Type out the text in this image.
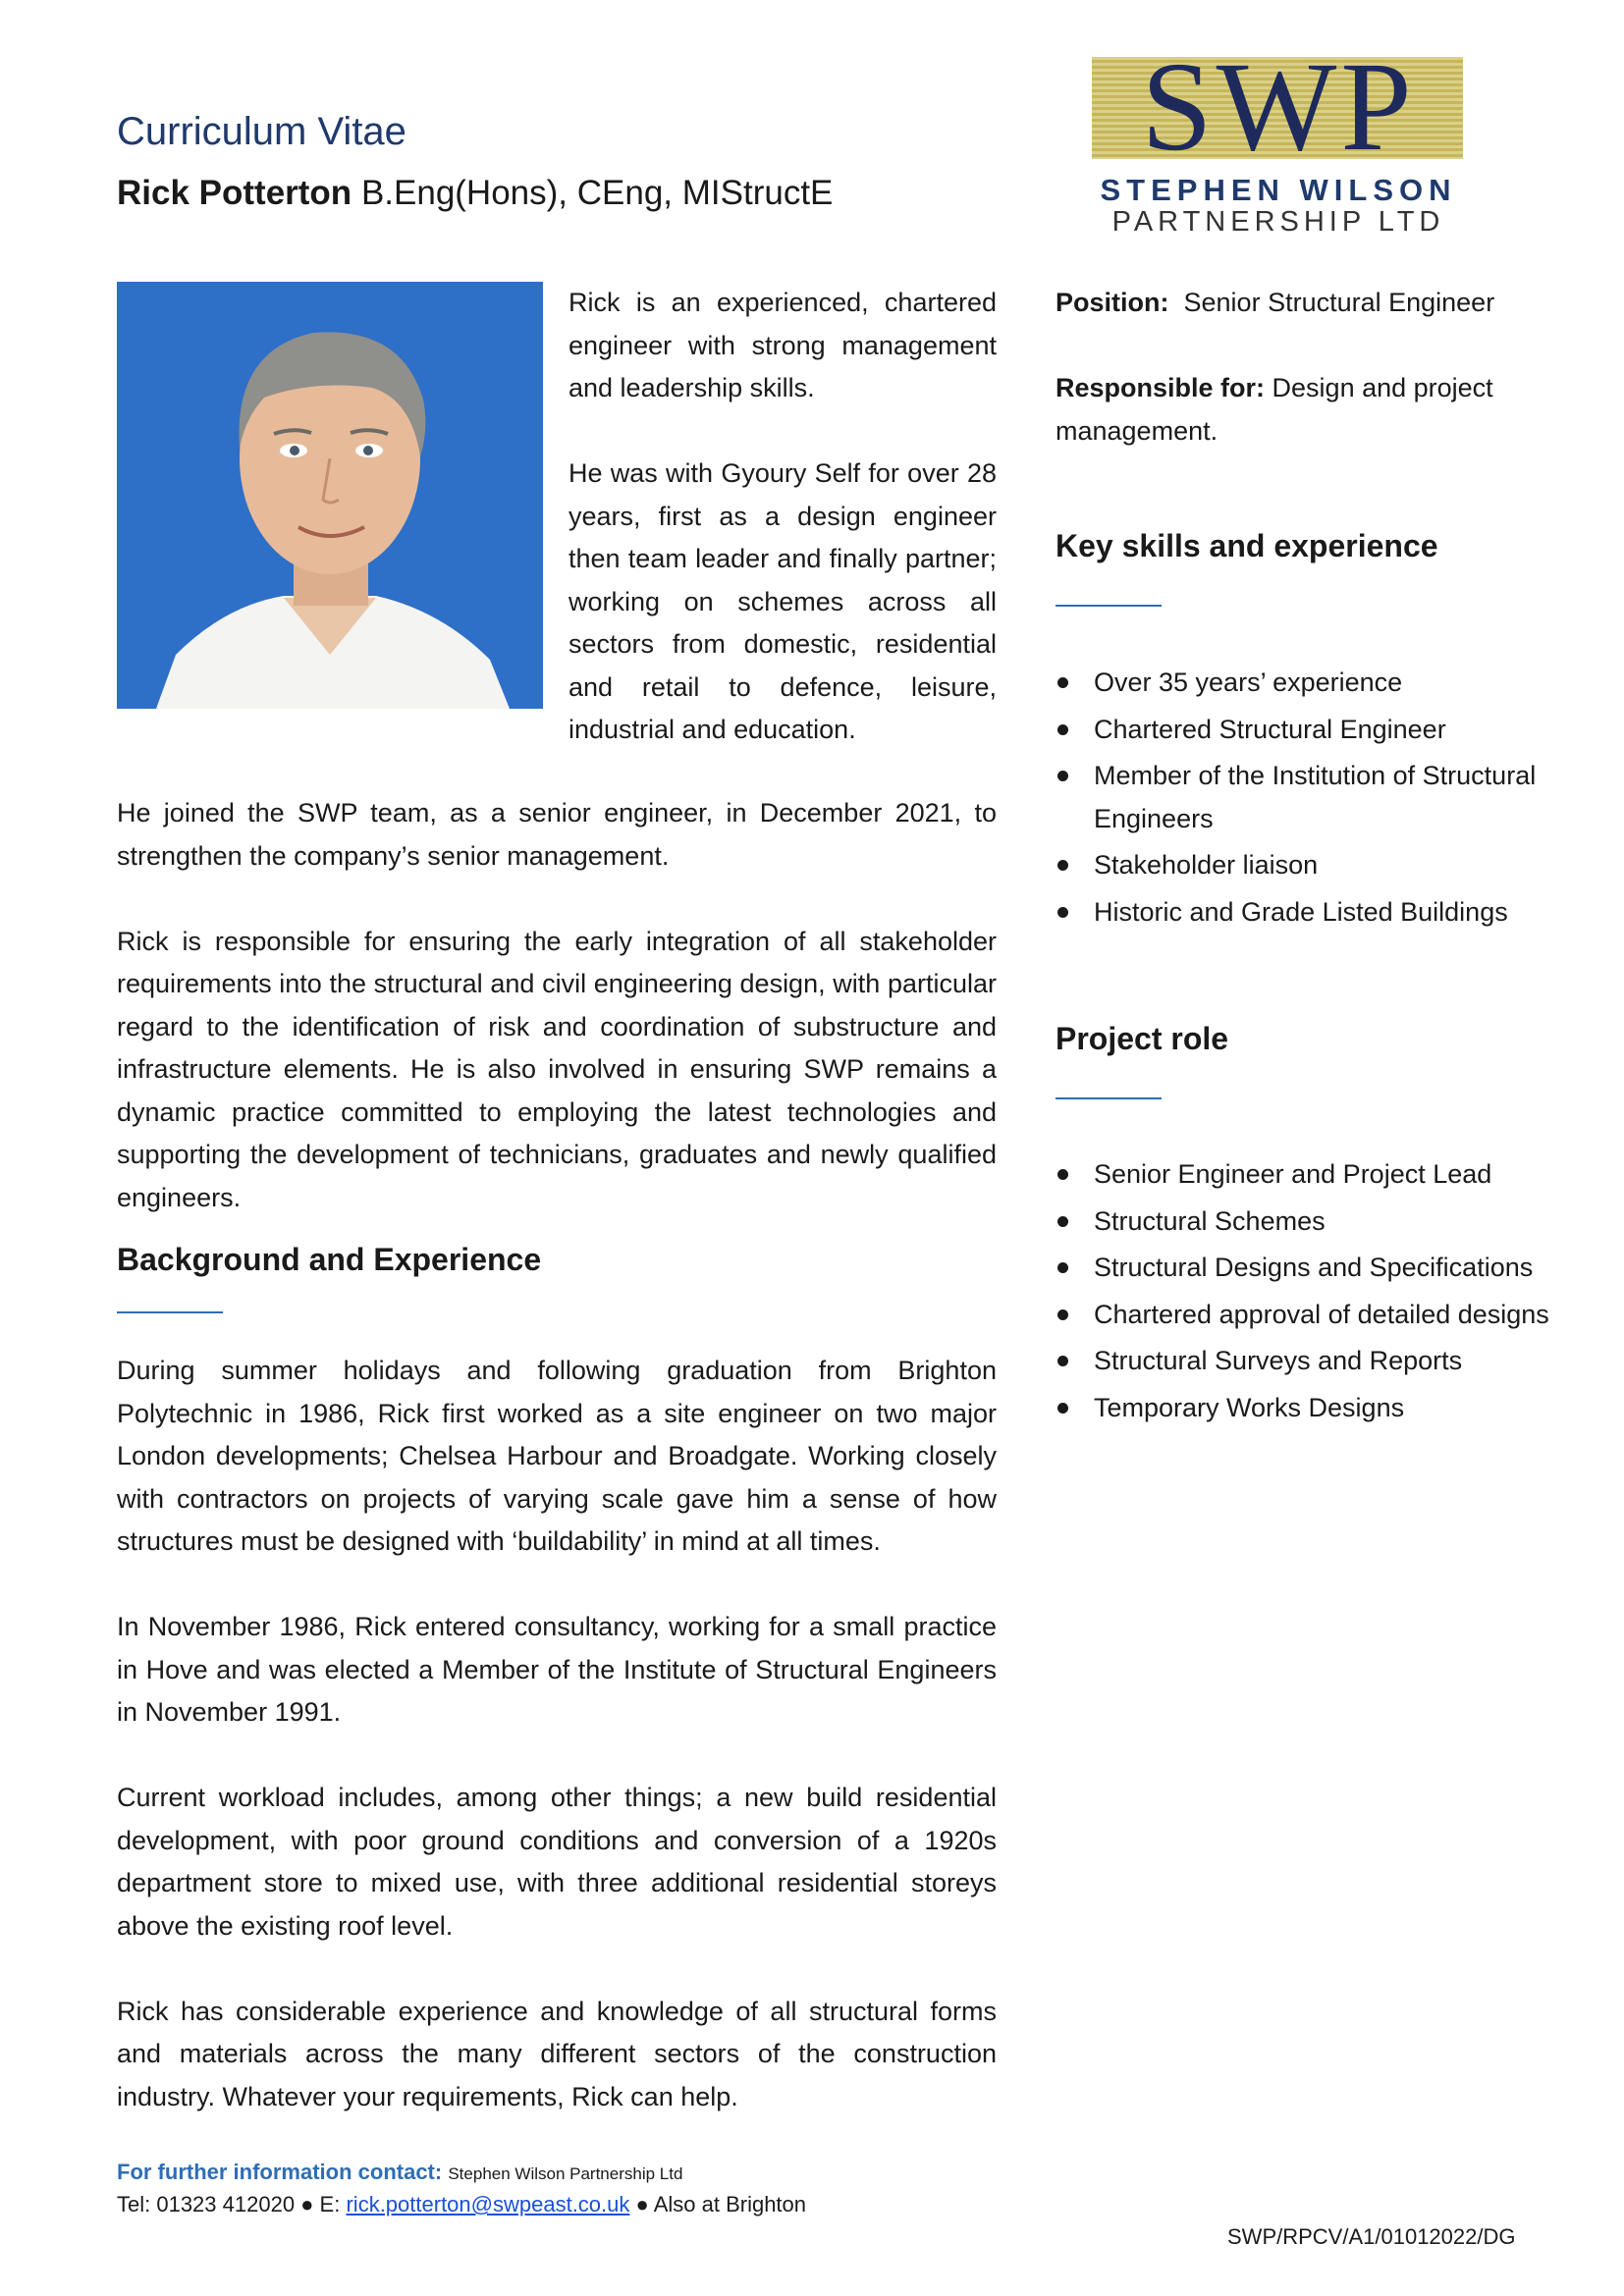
Curriculum Vitae
Rick Potterton B.Eng(Hons), CEng, MIStructE
SWP
STEPHEN WILSON
PARTNERSHIP LTD

Rick is an experienced, chartered engineer with strong management and leadership skills.

He was with Gyoury Self for over 28 years, first as a design engineer then team leader and finally partner; working on schemes across all sectors from domestic, residential and retail to defence, leisure, industrial and education.

He joined the SWP team, as a senior engineer, in December 2021, to strengthen the company’s senior management.

Rick is responsible for ensuring the early integration of all stakeholder requirements into the structural and civil engineering design, with particular regard to the identification of risk and coordination of substructure and infrastructure elements. He is also involved in ensuring SWP remains a dynamic practice committed to employing the latest technologies and supporting the development of technicians, graduates and newly qualified engineers.

Background and Experience

During summer holidays and following graduation from Brighton Polytechnic in 1986, Rick first worked as a site engineer on two major London developments; Chelsea Harbour and Broadgate. Working closely with contractors on projects of varying scale gave him a sense of how structures must be designed with ‘buildability’ in mind at all times.

In November 1986, Rick entered consultancy, working for a small practice in Hove and was elected a Member of the Institute of Structural Engineers in November 1991.

Current workload includes, among other things; a new build residential development, with poor ground conditions and conversion of a 1920s department store to mixed use, with three additional residential storeys above the existing roof level.

Rick has considerable experience and knowledge of all structural forms and materials across the many different sectors of the construction industry. Whatever your requirements, Rick can help.

Position: Senior Structural Engineer
Responsible for: Design and project management.
Key skills and experience
Over 35 years’ experience
Chartered Structural Engineer
Member of the Institution of Structural Engineers
Stakeholder liaison
Historic and Grade Listed Buildings
Project role
Senior Engineer and Project Lead
Structural Schemes
Structural Designs and Specifications
Chartered approval of detailed designs
Structural Surveys and Reports
Temporary Works Designs
For further information contact: Stephen Wilson Partnership Ltd
Tel: 01323 412020 ● E: rick.potterton@swpeast.co.uk ● Also at Brighton
SWP/RPCV/A1/01012022/DG
